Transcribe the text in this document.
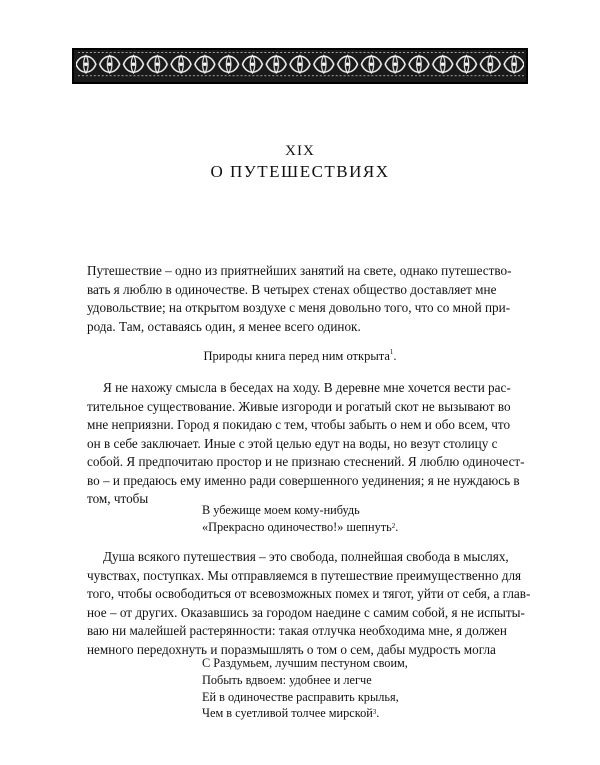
XIX
О ПУТЕШЕСТВИЯХ

Путешествие – одно из приятнейших занятий на свете, однако путешество-
вать я люблю в одиночестве. В четырех стенах общество доставляет мне
удовольствие; на открытом воздухе с меня довольно того, что со мной при-
рода. Там, оставаясь один, я менее всего одинок.

Природы книга перед ним открыта$^1$.

Я не нахожу смысла в беседах на ходу. В деревне мне хочется вести рас-
тительное существование. Живые изгороди и рогатый скот не вызывают во
мне неприязни. Город я покидаю с тем, чтобы забыть о нем и обо всем, что
он в себе заключает. Иные с этой целью едут на воды, но везут столицу с
собой. Я предпочитаю простор и не признаю стеснений. Я люблю одиночест-
во – и предаюсь ему именно ради совершенного уединения; я не нуждаюсь в
том, чтобы

В убежище моем кому-нибудь
«Прекрасно одиночество!» шепнуть$^2$.

Душа всякого путешествия – это свобода, полнейшая свобода в мыслях,
чувствах, поступках. Мы отправляемся в путешествие преимущественно для
того, чтобы освободиться от всевозможных помех и тягот, уйти от себя, а глав-
ное – от других. Оказавшись за городом наедине с самим собой, я не испыты-
ваю ни малейшей растерянности: такая отлучка необходима мне, я должен
немного передохнуть и поразмышлять о том о сем, дабы мудрость могла

С Раздумьем, лучшим пестуном своим,
Побыть вдвоем: удобнее и легче
Ей в одиночестве расправить крылья,
Чем в суетливой толчее мирской$^3$.
